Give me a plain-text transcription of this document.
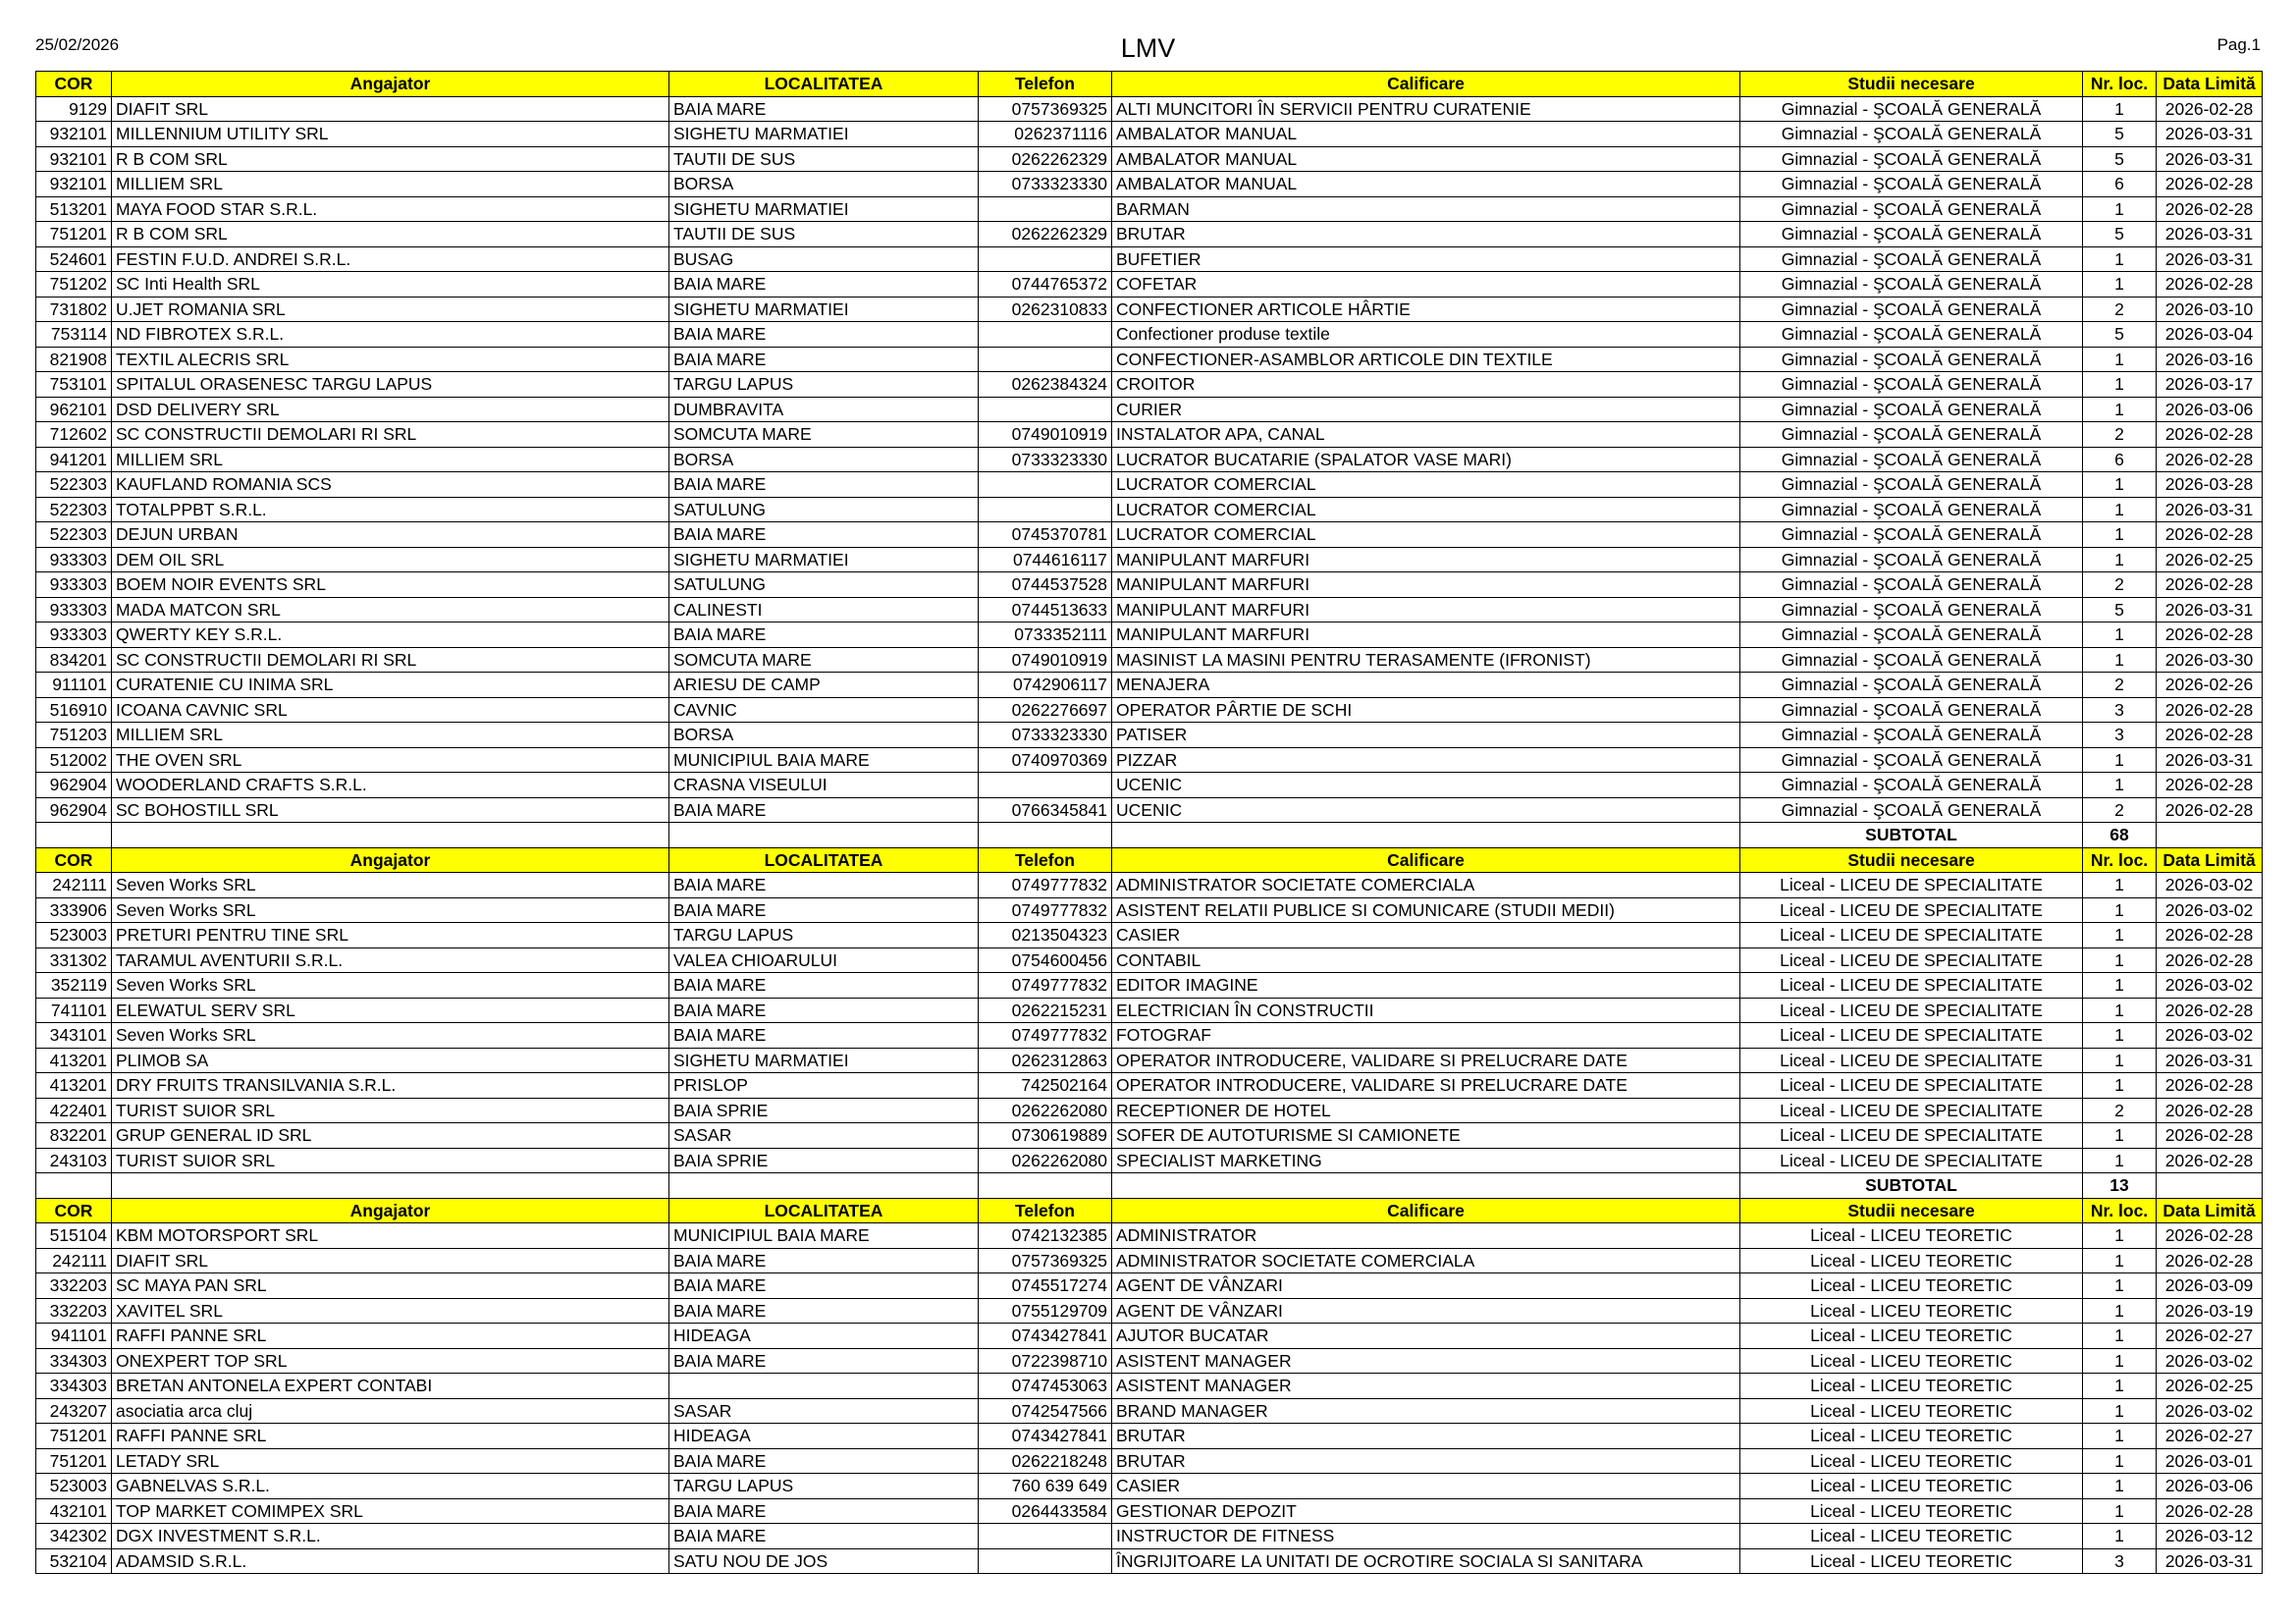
25/02/2026	LMV	Pag.1
COR	Angajator	LOCALITATEA	Telefon	Calificare	Studii necesare	Nr. loc.	Data Limită
9129	DIAFIT SRL	BAIA MARE	0757369325	ALTI MUNCITORI ÎN SERVICII PENTRU CURATENIE	Gimnazial - ŞCOALĂ GENERALĂ	1	2026-02-28
932101	MILLENNIUM UTILITY SRL	SIGHETU MARMATIEI	0262371116	AMBALATOR MANUAL	Gimnazial - ŞCOALĂ GENERALĂ	5	2026-03-31
932101	R B COM SRL	TAUTII DE SUS	0262262329	AMBALATOR MANUAL	Gimnazial - ŞCOALĂ GENERALĂ	5	2026-03-31
932101	MILLIEM SRL	BORSA	0733323330	AMBALATOR MANUAL	Gimnazial - ŞCOALĂ GENERALĂ	6	2026-02-28
513201	MAYA FOOD STAR S.R.L.	SIGHETU MARMATIEI		BARMAN	Gimnazial - ŞCOALĂ GENERALĂ	1	2026-02-28
751201	R B COM SRL	TAUTII DE SUS	0262262329	BRUTAR	Gimnazial - ŞCOALĂ GENERALĂ	5	2026-03-31
524601	FESTIN F.U.D. ANDREI S.R.L.	BUSAG		BUFETIER	Gimnazial - ŞCOALĂ GENERALĂ	1	2026-03-31
751202	SC Inti Health SRL	BAIA MARE	0744765372	COFETAR	Gimnazial - ŞCOALĂ GENERALĂ	1	2026-02-28
731802	U.JET ROMANIA SRL	SIGHETU MARMATIEI	0262310833	CONFECTIONER ARTICOLE HÂRTIE	Gimnazial - ŞCOALĂ GENERALĂ	2	2026-03-10
753114	ND FIBROTEX S.R.L.	BAIA MARE		Confectioner produse textile	Gimnazial - ŞCOALĂ GENERALĂ	5	2026-03-04
821908	TEXTIL ALECRIS SRL	BAIA MARE		CONFECTIONER-ASAMBLOR ARTICOLE DIN TEXTILE	Gimnazial - ŞCOALĂ GENERALĂ	1	2026-03-16
753101	SPITALUL ORASENESC TARGU LAPUS	TARGU LAPUS	0262384324	CROITOR	Gimnazial - ŞCOALĂ GENERALĂ	1	2026-03-17
962101	DSD DELIVERY SRL	DUMBRAVITA		CURIER	Gimnazial - ŞCOALĂ GENERALĂ	1	2026-03-06
712602	SC CONSTRUCTII DEMOLARI RI SRL	SOMCUTA MARE	0749010919	INSTALATOR APA, CANAL	Gimnazial - ŞCOALĂ GENERALĂ	2	2026-02-28
941201	MILLIEM SRL	BORSA	0733323330	LUCRATOR BUCATARIE (SPALATOR VASE MARI)	Gimnazial - ŞCOALĂ GENERALĂ	6	2026-02-28
522303	KAUFLAND ROMANIA SCS	BAIA MARE		LUCRATOR COMERCIAL	Gimnazial - ŞCOALĂ GENERALĂ	1	2026-03-28
522303	TOTALPPBT S.R.L.	SATULUNG		LUCRATOR COMERCIAL	Gimnazial - ŞCOALĂ GENERALĂ	1	2026-03-31
522303	DEJUN URBAN	BAIA MARE	0745370781	LUCRATOR COMERCIAL	Gimnazial - ŞCOALĂ GENERALĂ	1	2026-02-28
933303	DEM OIL SRL	SIGHETU MARMATIEI	0744616117	MANIPULANT MARFURI	Gimnazial - ŞCOALĂ GENERALĂ	1	2026-02-25
933303	BOEM NOIR EVENTS SRL	SATULUNG	0744537528	MANIPULANT MARFURI	Gimnazial - ŞCOALĂ GENERALĂ	2	2026-02-28
933303	MADA MATCON SRL	CALINESTI	0744513633	MANIPULANT MARFURI	Gimnazial - ŞCOALĂ GENERALĂ	5	2026-03-31
933303	QWERTY KEY S.R.L.	BAIA MARE	0733352111	MANIPULANT MARFURI	Gimnazial - ŞCOALĂ GENERALĂ	1	2026-02-28
834201	SC CONSTRUCTII DEMOLARI RI SRL	SOMCUTA MARE	0749010919	MASINIST LA MASINI PENTRU TERASAMENTE (IFRONIST)	Gimnazial - ŞCOALĂ GENERALĂ	1	2026-03-30
911101	CURATENIE CU INIMA SRL	ARIESU DE CAMP	0742906117	MENAJERA	Gimnazial - ŞCOALĂ GENERALĂ	2	2026-02-26
516910	ICOANA CAVNIC SRL	CAVNIC	0262276697	OPERATOR PÂRTIE DE SCHI	Gimnazial - ŞCOALĂ GENERALĂ	3	2026-02-28
751203	MILLIEM SRL	BORSA	0733323330	PATISER	Gimnazial - ŞCOALĂ GENERALĂ	3	2026-02-28
512002	THE OVEN SRL	MUNICIPIUL BAIA MARE	0740970369	PIZZAR	Gimnazial - ŞCOALĂ GENERALĂ	1	2026-03-31
962904	WOODERLAND CRAFTS S.R.L.	CRASNA VISEULUI		UCENIC	Gimnazial - ŞCOALĂ GENERALĂ	1	2026-02-28
962904	SC BOHOSTILL SRL	BAIA MARE	0766345841	UCENIC	Gimnazial - ŞCOALĂ GENERALĂ	2	2026-02-28
					SUBTOTAL	68	
COR	Angajator	LOCALITATEA	Telefon	Calificare	Studii necesare	Nr. loc.	Data Limită
242111	Seven Works SRL	BAIA MARE	0749777832	ADMINISTRATOR SOCIETATE COMERCIALA	Liceal - LICEU DE SPECIALITATE	1	2026-03-02
333906	Seven Works SRL	BAIA MARE	0749777832	ASISTENT RELATII PUBLICE SI COMUNICARE (STUDII MEDII)	Liceal - LICEU DE SPECIALITATE	1	2026-03-02
523003	PRETURI PENTRU TINE SRL	TARGU LAPUS	0213504323	CASIER	Liceal - LICEU DE SPECIALITATE	1	2026-02-28
331302	TARAMUL AVENTURII S.R.L.	VALEA CHIOARULUI	0754600456	CONTABIL	Liceal - LICEU DE SPECIALITATE	1	2026-02-28
352119	Seven Works SRL	BAIA MARE	0749777832	EDITOR IMAGINE	Liceal - LICEU DE SPECIALITATE	1	2026-03-02
741101	ELEWATUL SERV SRL	BAIA MARE	0262215231	ELECTRICIAN ÎN CONSTRUCTII	Liceal - LICEU DE SPECIALITATE	1	2026-02-28
343101	Seven Works SRL	BAIA MARE	0749777832	FOTOGRAF	Liceal - LICEU DE SPECIALITATE	1	2026-03-02
413201	PLIMOB SA	SIGHETU MARMATIEI	0262312863	OPERATOR INTRODUCERE, VALIDARE SI PRELUCRARE DATE	Liceal - LICEU DE SPECIALITATE	1	2026-03-31
413201	DRY FRUITS TRANSILVANIA S.R.L.	PRISLOP	742502164	OPERATOR INTRODUCERE, VALIDARE SI PRELUCRARE DATE	Liceal - LICEU DE SPECIALITATE	1	2026-02-28
422401	TURIST SUIOR SRL	BAIA SPRIE	0262262080	RECEPTIONER DE HOTEL	Liceal - LICEU DE SPECIALITATE	2	2026-02-28
832201	GRUP GENERAL ID SRL	SASAR	0730619889	SOFER DE AUTOTURISME SI CAMIONETE	Liceal - LICEU DE SPECIALITATE	1	2026-02-28
243103	TURIST SUIOR SRL	BAIA SPRIE	0262262080	SPECIALIST MARKETING	Liceal - LICEU DE SPECIALITATE	1	2026-02-28
					SUBTOTAL	13	
COR	Angajator	LOCALITATEA	Telefon	Calificare	Studii necesare	Nr. loc.	Data Limită
515104	KBM MOTORSPORT SRL	MUNICIPIUL BAIA MARE	0742132385	ADMINISTRATOR	Liceal - LICEU TEORETIC	1	2026-02-28
242111	DIAFIT SRL	BAIA MARE	0757369325	ADMINISTRATOR SOCIETATE COMERCIALA	Liceal - LICEU TEORETIC	1	2026-02-28
332203	SC MAYA PAN SRL	BAIA MARE	0745517274	AGENT DE VÂNZARI	Liceal - LICEU TEORETIC	1	2026-03-09
332203	XAVITEL SRL	BAIA MARE	0755129709	AGENT DE VÂNZARI	Liceal - LICEU TEORETIC	1	2026-03-19
941101	RAFFI PANNE SRL	HIDEAGA	0743427841	AJUTOR BUCATAR	Liceal - LICEU TEORETIC	1	2026-02-27
334303	ONEXPERT TOP SRL	BAIA MARE	0722398710	ASISTENT MANAGER	Liceal - LICEU TEORETIC	1	2026-03-02
334303	BRETAN ANTONELA EXPERT CONTABI		0747453063	ASISTENT MANAGER	Liceal - LICEU TEORETIC	1	2026-02-25
243207	asociatia arca cluj	SASAR	0742547566	BRAND MANAGER	Liceal - LICEU TEORETIC	1	2026-03-02
751201	RAFFI PANNE SRL	HIDEAGA	0743427841	BRUTAR	Liceal - LICEU TEORETIC	1	2026-02-27
751201	LETADY SRL	BAIA MARE	0262218248	BRUTAR	Liceal - LICEU TEORETIC	1	2026-03-01
523003	GABNELVAS S.R.L.	TARGU LAPUS	760 639 649	CASIER	Liceal - LICEU TEORETIC	1	2026-03-06
432101	TOP MARKET COMIMPEX SRL	BAIA MARE	0264433584	GESTIONAR DEPOZIT	Liceal - LICEU TEORETIC	1	2026-02-28
342302	DGX INVESTMENT S.R.L.	BAIA MARE		INSTRUCTOR DE FITNESS	Liceal - LICEU TEORETIC	1	2026-03-12
532104	ADAMSID S.R.L.	SATU NOU DE JOS		ÎNGRIJITOARE LA UNITATI DE OCROTIRE SOCIALA SI SANITARA	Liceal - LICEU TEORETIC	3	2026-03-31
